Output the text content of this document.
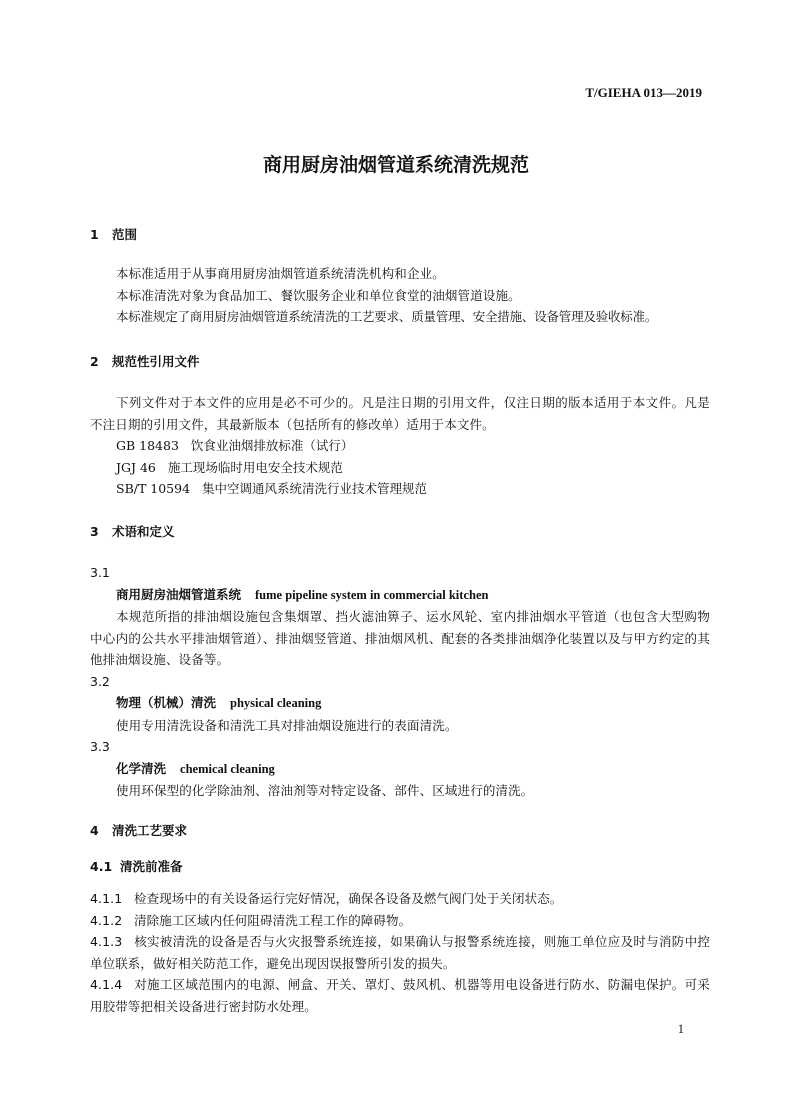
T/GIEHA 013—2019
商用厨房油烟管道系统清洗规范

1 范围

本标准适用于从事商用厨房油烟管道系统清洗机构和企业。

本标准清洗对象为食品加工、餐饮服务企业和单位食堂的油烟管道设施。

本标准规定了商用厨房油烟管道系统清洗的工艺要求、质量管理、安全措施、设备管理及验收标准。

2 规范性引用文件

下列文件对于本文件的应用是必不可少的。凡是注日期的引用文件，仅注日期的版本适用于本文件。凡是不注日期的引用文件，其最新版本（包括所有的修改单）适用于本文件。

GB 18483 饮食业油烟排放标准（试行）

JGJ 46 施工现场临时用电安全技术规范

SB/T 10594 集中空调通风系统清洗行业技术管理规范

3 术语和定义

3.1

商用厨房油烟管道系统 fume pipeline system in commercial kitchen

本规范所指的排油烟设施包含集烟罩、挡火滤油箅子、运水风轮、室内排油烟水平管道（也包含大型购物中心内的公共水平排油烟管道）、排油烟竖管道、排油烟风机、配套的各类排油烟净化装置以及与甲方约定的其他排油烟设施、设备等。

3.2

物理（机械）清洗 physical cleaning

使用专用清洗设备和清洗工具对排油烟设施进行的表面清洗。

3.3

化学清洗 chemical cleaning

使用环保型的化学除油剂、溶油剂等对特定设备、部件、区域进行的清洗。

4 清洗工艺要求

4.1 清洗前准备

4.1.1 检查现场中的有关设备运行完好情况，确保各设备及燃气阀门处于关闭状态。

4.1.2 清除施工区域内任何阻碍清洗工程工作的障碍物。

4.1.3 核实被清洗的设备是否与火灾报警系统连接，如果确认与报警系统连接，则施工单位应及时与消防中控单位联系，做好相关防范工作，避免出现因误报警所引发的损失。

4.1.4 对施工区域范围内的电源、闸盒、开关、罩灯、鼓风机、机器等用电设备进行防水、防漏电保护。可采用胶带等把相关设备进行密封防水处理。

1
